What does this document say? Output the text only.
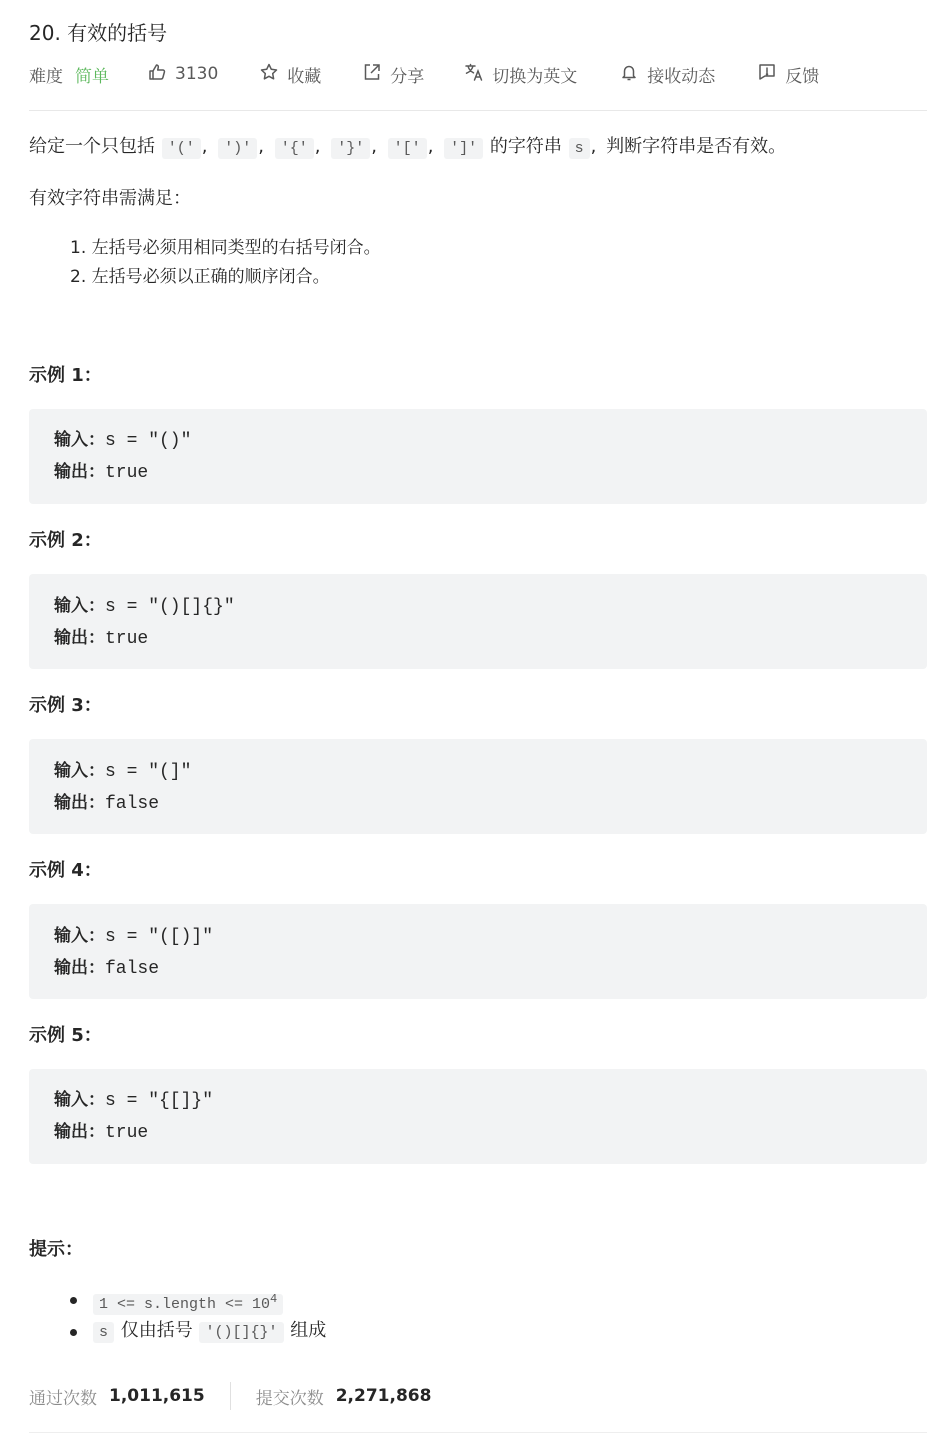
20. 有效的括号
难度 简单	3130	收藏	分享	切换为英文	接收动态	反馈
给定一个只包括 '(' , ')' , '{' , '}' , '[' , ']' 的字符串 s , 判断字符串是否有效。
有效字符串需满足：
1. 左括号必须用相同类型的右括号闭合。
2. 左括号必须以正确的顺序闭合。
示例 1：
输入：s = "()"
输出：true
示例 2：
输入：s = "()[]{}"
输出：true
示例 3：
输入：s = "(]"
输出：false
示例 4：
输入：s = "([)]"
输出：false
示例 5：
输入：s = "{[]}"
输出：true
提示：
1 <= s.length <= $10^4$
s 仅由括号 '()[]{}' 组成
通过次数 1,011,615	提交次数 2,271,868
